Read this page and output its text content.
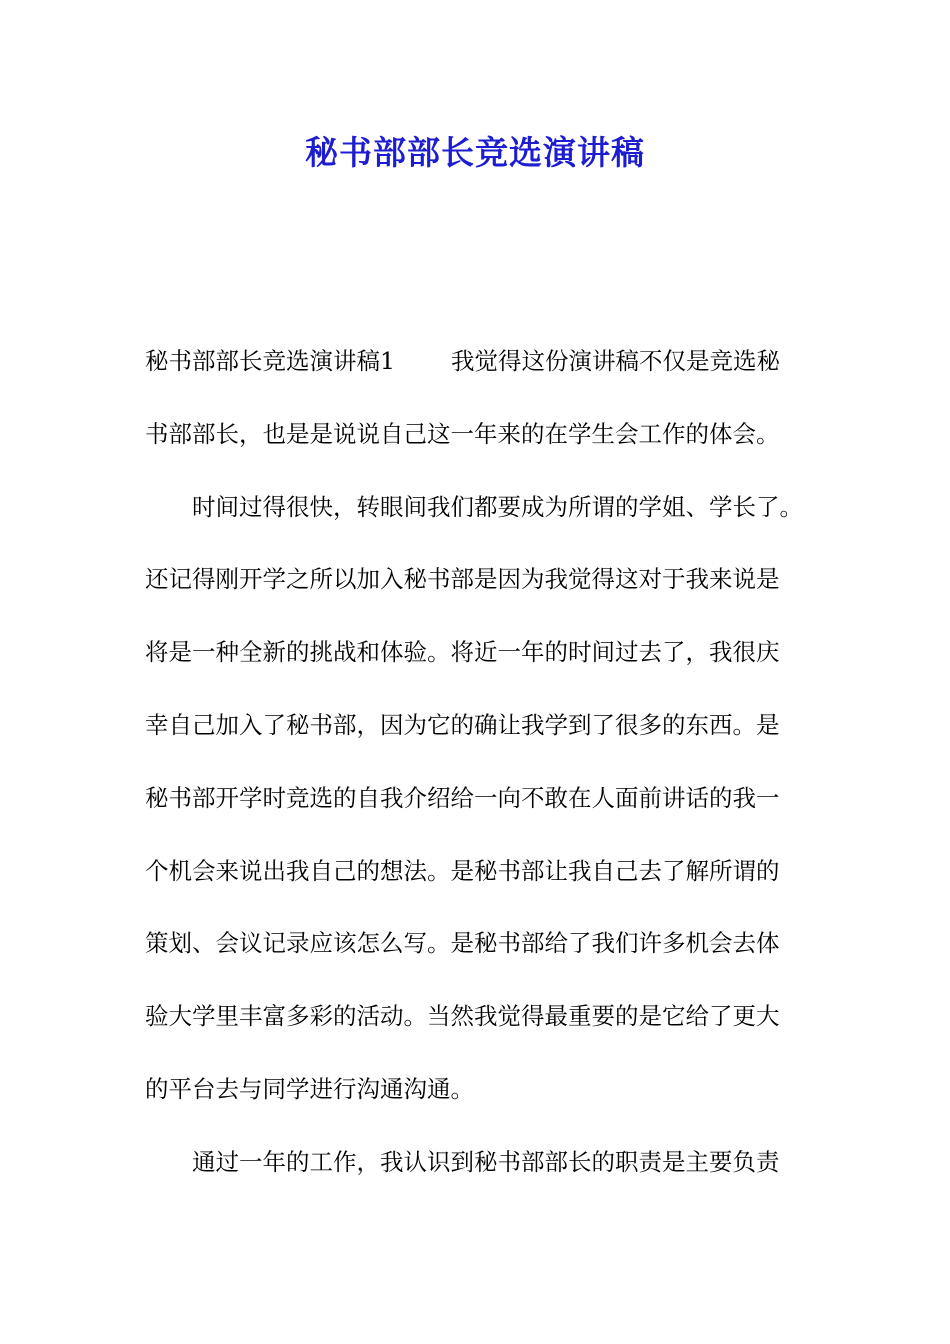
秘书部部长竞选演讲稿

秘书部部长竞选演讲稿1 我觉得这份演讲稿不仅是竞选秘

书部部长，也是是说说自己这一年来的在学生会工作的体会。

时间过得很快，转眼间我们都要成为所谓的学姐、学长了。

还记得刚开学之所以加入秘书部是因为我觉得这对于我来说是

将是一种全新的挑战和体验。将近一年的时间过去了，我很庆

幸自己加入了秘书部，因为它的确让我学到了很多的东西。是

秘书部开学时竞选的自我介绍给一向不敢在人面前讲话的我一

个机会来说出我自己的想法。是秘书部让我自己去了解所谓的

策划、会议记录应该怎么写。是秘书部给了我们许多机会去体

验大学里丰富多彩的活动。当然我觉得最重要的是它给了更大

的平台去与同学进行沟通沟通。

通过一年的工作，我认识到秘书部部长的职责是主要负责
